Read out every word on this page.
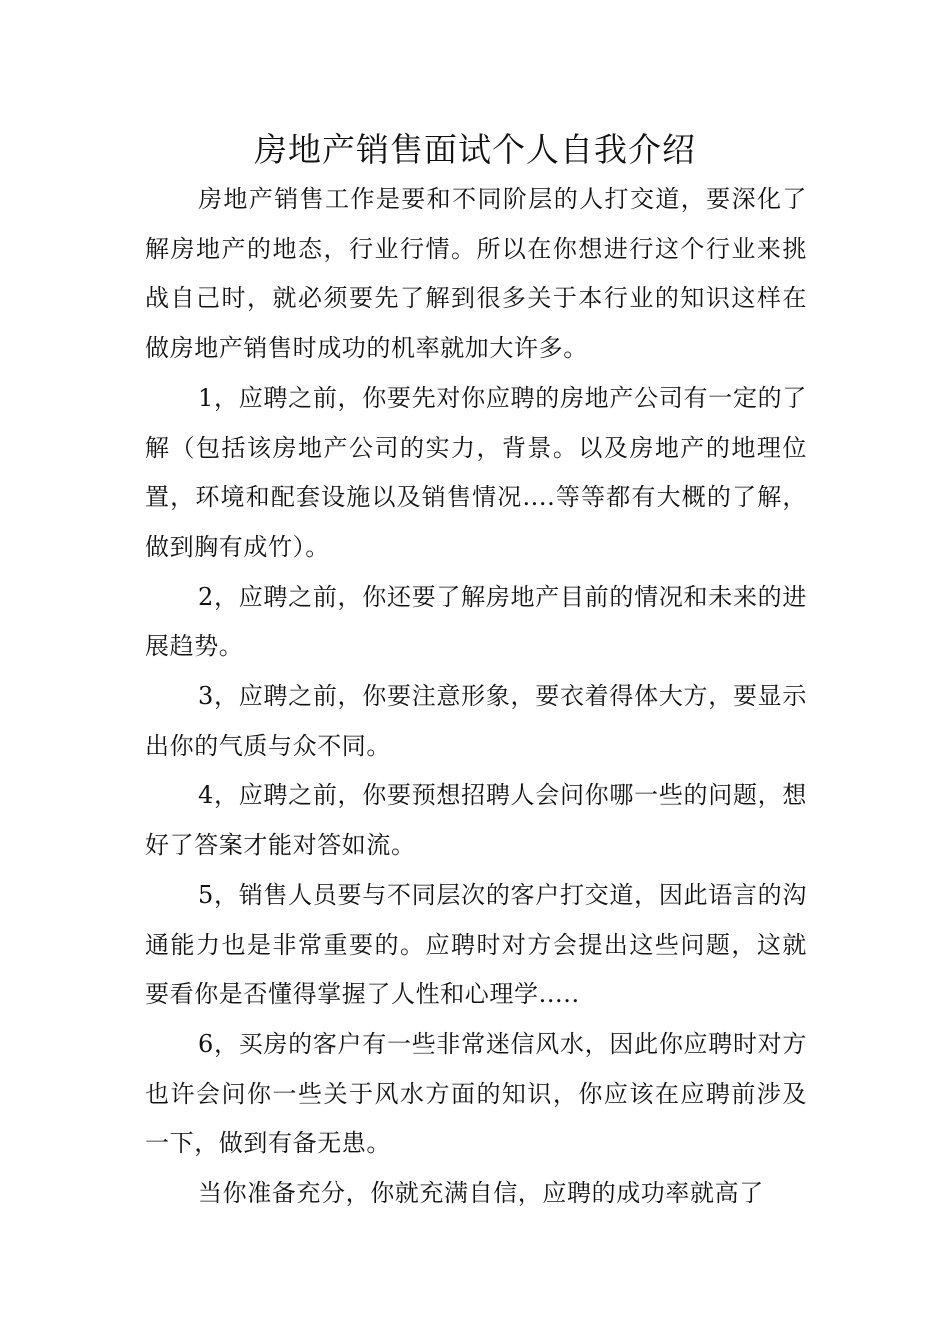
房地产销售面试个人自我介绍

房地产销售工作是要和不同阶层的人打交道，要深化了解房地产的地态，行业行情。所以在你想进行这个行业来挑战自己时，就必须要先了解到很多关于本行业的知识这样在做房地产销售时成功的机率就加大许多。

1，应聘之前，你要先对你应聘的房地产公司有一定的了解（包括该房地产公司的实力，背景。以及房地产的地理位置，环境和配套设施以及销售情况....等等都有大概的了解，做到胸有成竹）。

2，应聘之前，你还要了解房地产目前的情况和未来的进展趋势。

3，应聘之前，你要注意形象，要衣着得体大方，要显示出你的气质与众不同。

4，应聘之前，你要预想招聘人会问你哪一些的问题，想好了答案才能对答如流。

5，销售人员要与不同层次的客户打交道，因此语言的沟通能力也是非常重要的。应聘时对方会提出这些问题，这就要看你是否懂得掌握了人性和心理学.....

6，买房的客户有一些非常迷信风水，因此你应聘时对方也许会问你一些关于风水方面的知识，你应该在应聘前涉及一下，做到有备无患。

当你准备充分，你就充满自信，应聘的成功率就高了
